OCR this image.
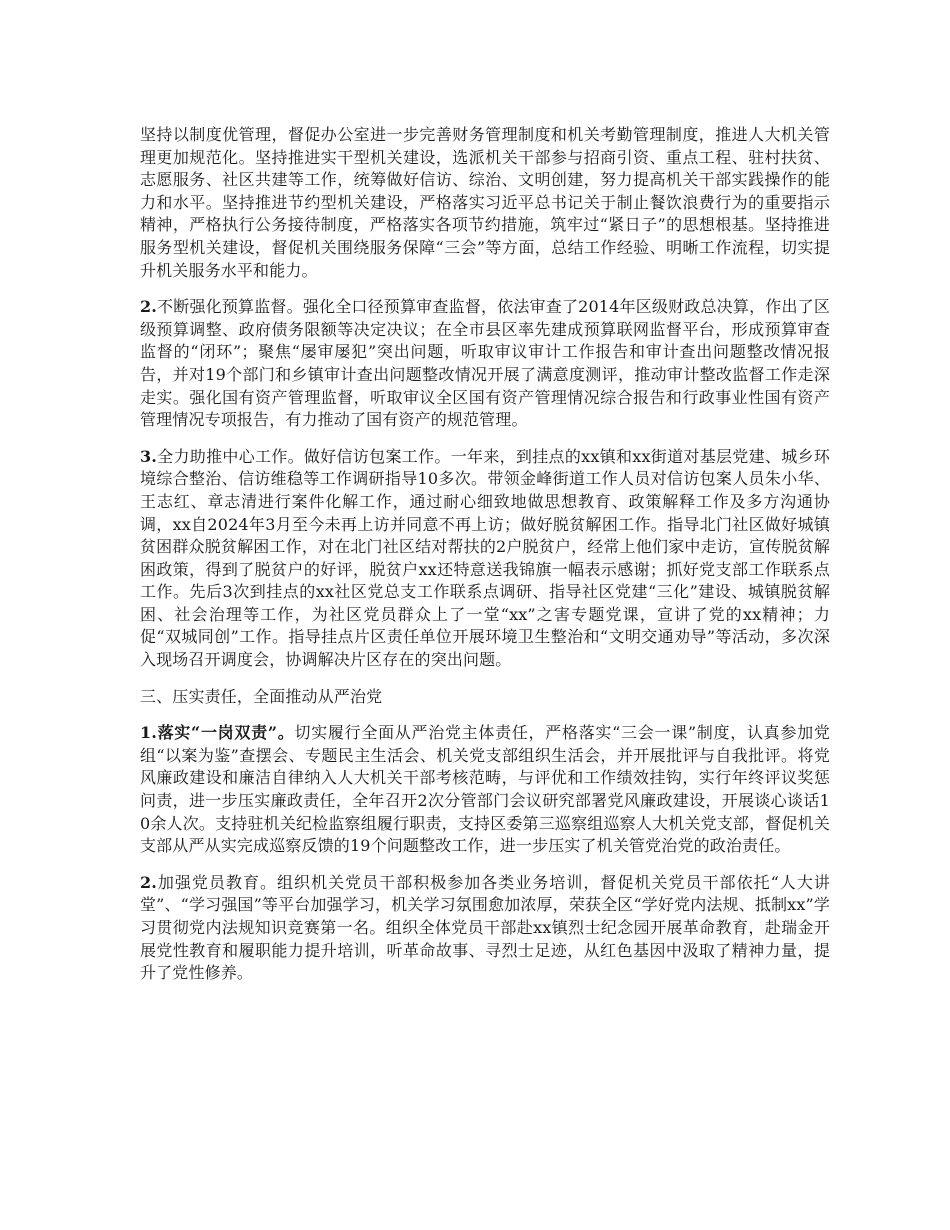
坚持以制度优管理，督促办公室进一步完善财务管理制度和机关考勤管理制度，推进人大机关管理更加规范化。坚持推进实干型机关建设，选派机关干部参与招商引资、重点工程、驻村扶贫、志愿服务、社区共建等工作，统筹做好信访、综治、文明创建，努力提高机关干部实践操作的能力和水平。坚持推进节约型机关建设，严格落实习近平总书记关于制止餐饮浪费行为的重要指示精神，严格执行公务接待制度，严格落实各项节约措施，筑牢过“紧日子”的思想根基。坚持推进服务型机关建设，督促机关围绕服务保障“三会”等方面，总结工作经验、明晰工作流程，切实提升机关服务水平和能力。

2.不断强化预算监督。强化全口径预算审查监督，依法审查了2014年区级财政总决算，作出了区级预算调整、政府债务限额等决定决议；在全市县区率先建成预算联网监督平台，形成预算审查监督的“闭环”；聚焦“屡审屡犯”突出问题，听取审议审计工作报告和审计查出问题整改情况报告，并对19个部门和乡镇审计查出问题整改情况开展了满意度测评，推动审计整改监督工作走深走实。强化国有资产管理监督，听取审议全区国有资产管理情况综合报告和行政事业性国有资产管理情况专项报告，有力推动了国有资产的规范管理。

3.全力助推中心工作。做好信访包案工作。一年来，到挂点的xx镇和xx街道对基层党建、城乡环境综合整治、信访维稳等工作调研指导10多次。带领金峰街道工作人员对信访包案人员朱小华、王志红、章志清进行案件化解工作，通过耐心细致地做思想教育、政策解释工作及多方沟通协调，xx自2024年3月至今未再上访并同意不再上访；做好脱贫解困工作。指导北门社区做好城镇贫困群众脱贫解困工作，对在北门社区结对帮扶的2户脱贫户，经常上他们家中走访，宣传脱贫解困政策，得到了脱贫户的好评，脱贫户xx还特意送我锦旗一幅表示感谢；抓好党支部工作联系点工作。先后3次到挂点的xx社区党总支工作联系点调研、指导社区党建“三化”建设、城镇脱贫解困、社会治理等工作，为社区党员群众上了一堂“xx”之害专题党课，宣讲了党的xx精神；力促“双城同创”工作。指导挂点片区责任单位开展环境卫生整治和“文明交通劝导”等活动，多次深入现场召开调度会，协调解决片区存在的突出问题。

三、压实责任，全面推动从严治党

1.落实“一岗双责”。切实履行全面从严治党主体责任，严格落实“三会一课”制度，认真参加党组“以案为鉴”查摆会、专题民主生活会、机关党支部组织生活会，并开展批评与自我批评。将党风廉政建设和廉洁自律纳入人大机关干部考核范畴，与评优和工作绩效挂钩，实行年终评议奖惩问责，进一步压实廉政责任，全年召开2次分管部门会议研究部署党风廉政建设，开展谈心谈话10余人次。支持驻机关纪检监察组履行职责，支持区委第三巡察组巡察人大机关党支部，督促机关支部从严从实完成巡察反馈的19个问题整改工作，进一步压实了机关管党治党的政治责任。

2.加强党员教育。组织机关党员干部积极参加各类业务培训，督促机关党员干部依托“人大讲堂”、“学习强国”等平台加强学习，机关学习氛围愈加浓厚，荣获全区“学好党内法规、抵制xx”学习贯彻党内法规知识竞赛第一名。组织全体党员干部赴xx镇烈士纪念园开展革命教育，赴瑞金开展党性教育和履职能力提升培训，听革命故事、寻烈士足迹，从红色基因中汲取了精神力量，提升了党性修养。
